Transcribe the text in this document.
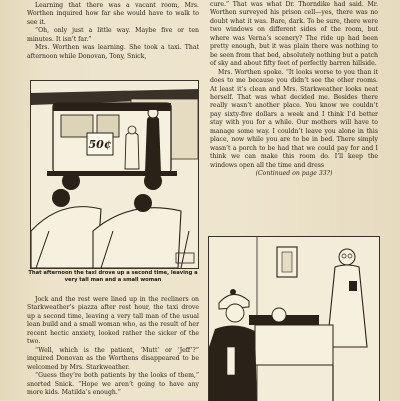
Learning that there was a vacant room, Mrs. Worthen inquired how far she would have to walk to see it.

“Oh, only just a little way. Maybe five or ten minutes. It isn’t far.”

Mrs. Worthen was learning. She took a taxi. That afternoon while Donovan, Tony, Snick,

50¢
That afternoon the taxi drove up a second time, leaving a very tall man and a small woman

Jock and the rest were lined up in the recliners on Starkweather’s piazza after rest hour, the taxi drove up a second time, leaving a very tall man of the usual lean build and a small woman who, as the result of her recent hectic anxiety, looked rather the sicker of the two.

“Well, which is the patient, ‘Mutt’ or ‘Jeff’?” inquired Donovan as the Worthens disappeared to be welcomed by Mrs. Starkweather.

“Guess they’re both patients by the looks of them,” snorted Snick. “Hope we aren’t going to have any more kids. Matilda’s enough.”

cure.” That was what Dr. Thorndike had said. Mr. Worthen surveyed his prison cell—yes, there was no doubt what it was. Bare, dark. To be sure, there were two windows on different sides of the room, but where was Verna’s scenery? The ride up had been pretty enough, but it was plain there was nothing to be seen from that bed, absolutely nothing but a patch of sky and about fifty feet of perfectly barren hillside.

Mrs. Worthen spoke. “It looks worse to you than it does to me because you didn’t see the other rooms. At least it’s clean and Mrs. Starkweather looks neat herself. That was what decided me. Besides there really wasn’t another place. You know we couldn’t pay sixty-five dollars a week and I think I’d better stay with you for a while. Our mothers will have to manage some way. I couldn’t leave you alone in this place, now while you are to be in bed. There simply wasn’t a porch to be had that we could pay for and I think we can make this room do. I’ll keep the windows open all the time and dress

(Continued on page 33?)
